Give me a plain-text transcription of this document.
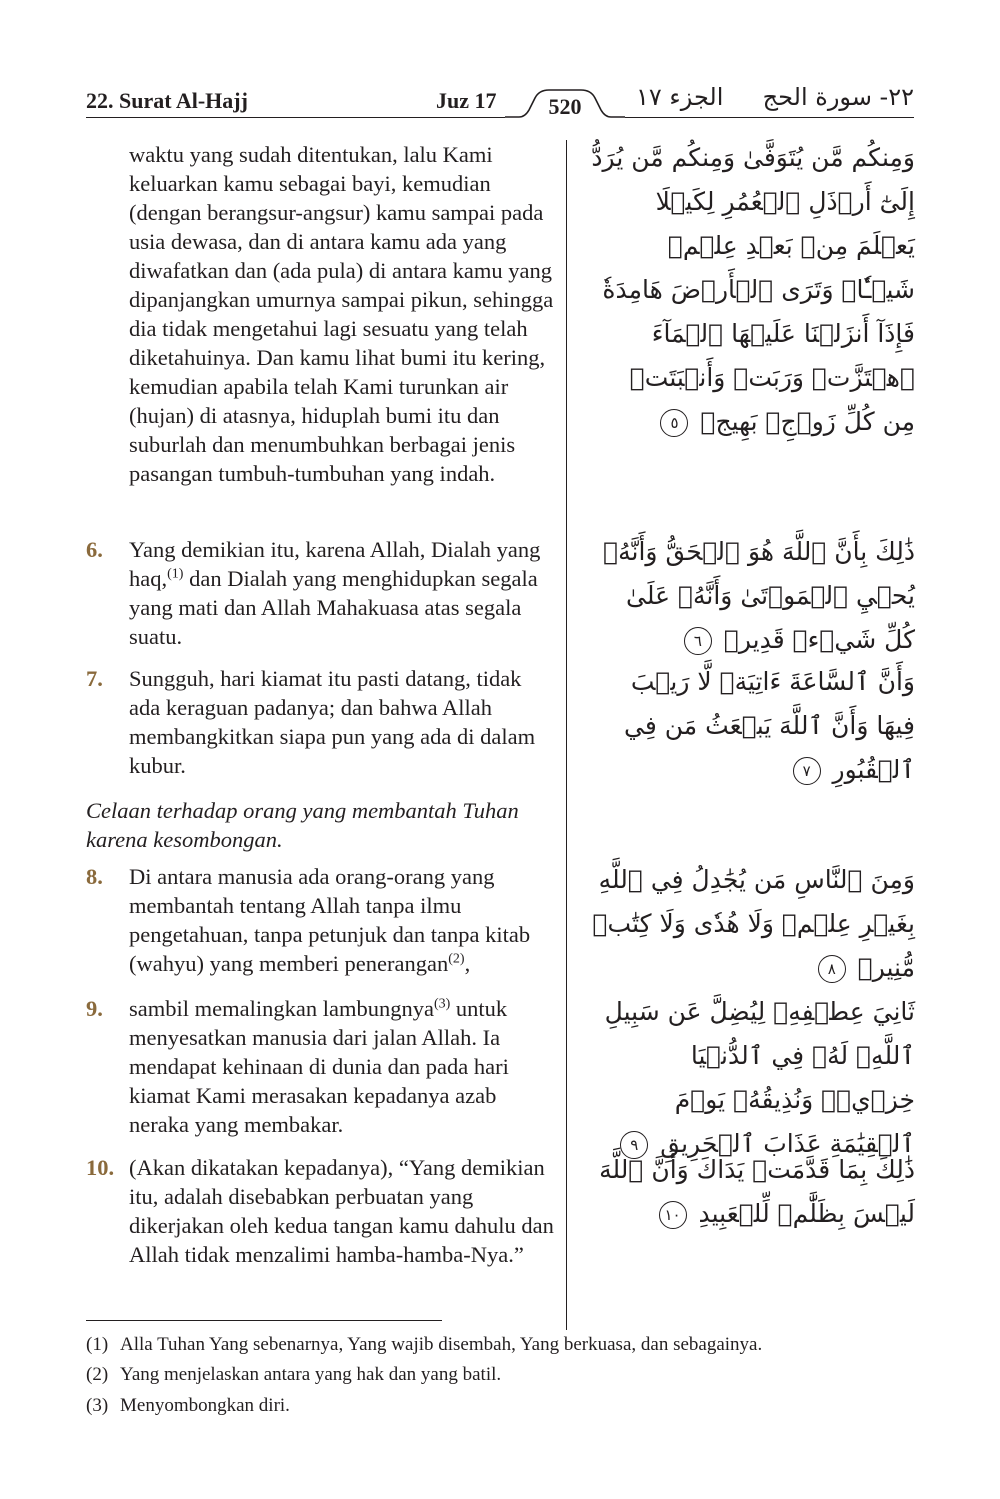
22. Surat Al-Hajj	Juz 17 520 الجزء ١٧ ٢٢- سورة الحج
waktu yang sudah ditentukan, lalu Kami keluarkan kamu sebagai bayi, kemudian (dengan berangsur-angsur) kamu sampai pada usia dewasa, dan di antara kamu ada yang diwafatkan dan (ada pula) di antara kamu yang dipanjangkan umurnya sampai pikun, sehingga dia tidak mengetahui lagi sesuatu yang telah diketahuinya. Dan kamu lihat bumi itu kering, kemudian apabila telah Kami turunkan air (hujan) di atasnya, hiduplah bumi itu dan suburlah dan menumbuhkan berbagai jenis pasangan tumbuh-tumbuhan yang indah.
وَمِنكُم مَّن يُتَوَفَّىٰ وَمِنكُم مَّن يُرَدُّ إِلَىٰٓ أَرۡذَلِ ٱلۡعُمُرِ لِكَيۡلَا يَعۡلَمَ مِنۢ بَعۡدِ عِلۡمٖ شَيۡـٔٗاۚ وَتَرَى ٱلۡأَرۡضَ هَامِدَةٗ فَإِذَآ أَنزَلۡنَا عَلَيۡهَا ٱلۡمَآءَ ٱهۡتَزَّتۡ وَرَبَتۡ وَأَنۢبَتَتۡ مِن كُلِّ زَوۡجِۭ بَهِيجٖ ٥
6. Yang demikian itu, karena Allah, Dialah yang haq,$^{(1)}$ dan Dialah yang menghidupkan segala yang mati dan Allah Mahakuasa atas segala suatu.
ذَٰلِكَ بِأَنَّ ٱللَّهَ هُوَ ٱلۡحَقُّ وَأَنَّهُۥ يُحۡيِ ٱلۡمَوۡتَىٰ وَأَنَّهُۥ عَلَىٰ كُلِّ شَيۡءٖ قَدِيرٞ ٦
7. Sungguh, hari kiamat itu pasti datang, tidak ada keraguan padanya; dan bahwa Allah membangkitkan siapa pun yang ada di dalam kubur.
وَأَنَّ ٱلسَّاعَةَ ءَاتِيَةٞ لَّا رَيۡبَ فِيهَا وَأَنَّ ٱللَّهَ يَبۡعَثُ مَن فِي ٱلۡقُبُورِ ٧
Celaan terhadap orang yang membantah Tuhan karena kesombongan.
8. Di antara manusia ada orang-orang yang membantah tentang Allah tanpa ilmu pengetahuan, tanpa petunjuk dan tanpa kitab (wahyu) yang memberi penerangan$^{(2)}$,
وَمِنَ ٱلنَّاسِ مَن يُجَٰدِلُ فِي ٱللَّهِ بِغَيۡرِ عِلۡمٖ وَلَا هُدٗى وَلَا كِتَٰبٖ مُّنِيرٖ ٨
9. sambil memalingkan lambungnya$^{(3)}$ untuk menyesatkan manusia dari jalan Allah. Ia mendapat kehinaan di dunia dan pada hari kiamat Kami merasakan kepadanya azab neraka yang membakar.
ثَانِيَ عِطۡفِهِۦ لِيُضِلَّ عَن سَبِيلِ ٱللَّهِۖ لَهُۥ فِي ٱلدُّنۡيَا خِزۡيٞۖ وَنُذِيقُهُۥ يَوۡمَ ٱلۡقِيَٰمَةِ عَذَابَ ٱلۡحَرِيقِ ٩
10. (Akan dikatakan kepadanya), “Yang demikian itu, adalah disebabkan perbuatan yang dikerjakan oleh kedua tangan kamu dahulu dan Allah tidak menzalimi hamba-hamba-Nya.”
ذَٰلِكَ بِمَا قَدَّمَتۡ يَدَاكَ وَأَنَّ ٱللَّهَ لَيۡسَ بِظَلَّٰمٖ لِّلۡعَبِيدِ ١٠
(1) Alla Tuhan Yang sebenarnya, Yang wajib disembah, Yang berkuasa, dan sebagainya.
(2) Yang menjelaskan antara yang hak dan yang batil.
(3) Menyombongkan diri.
